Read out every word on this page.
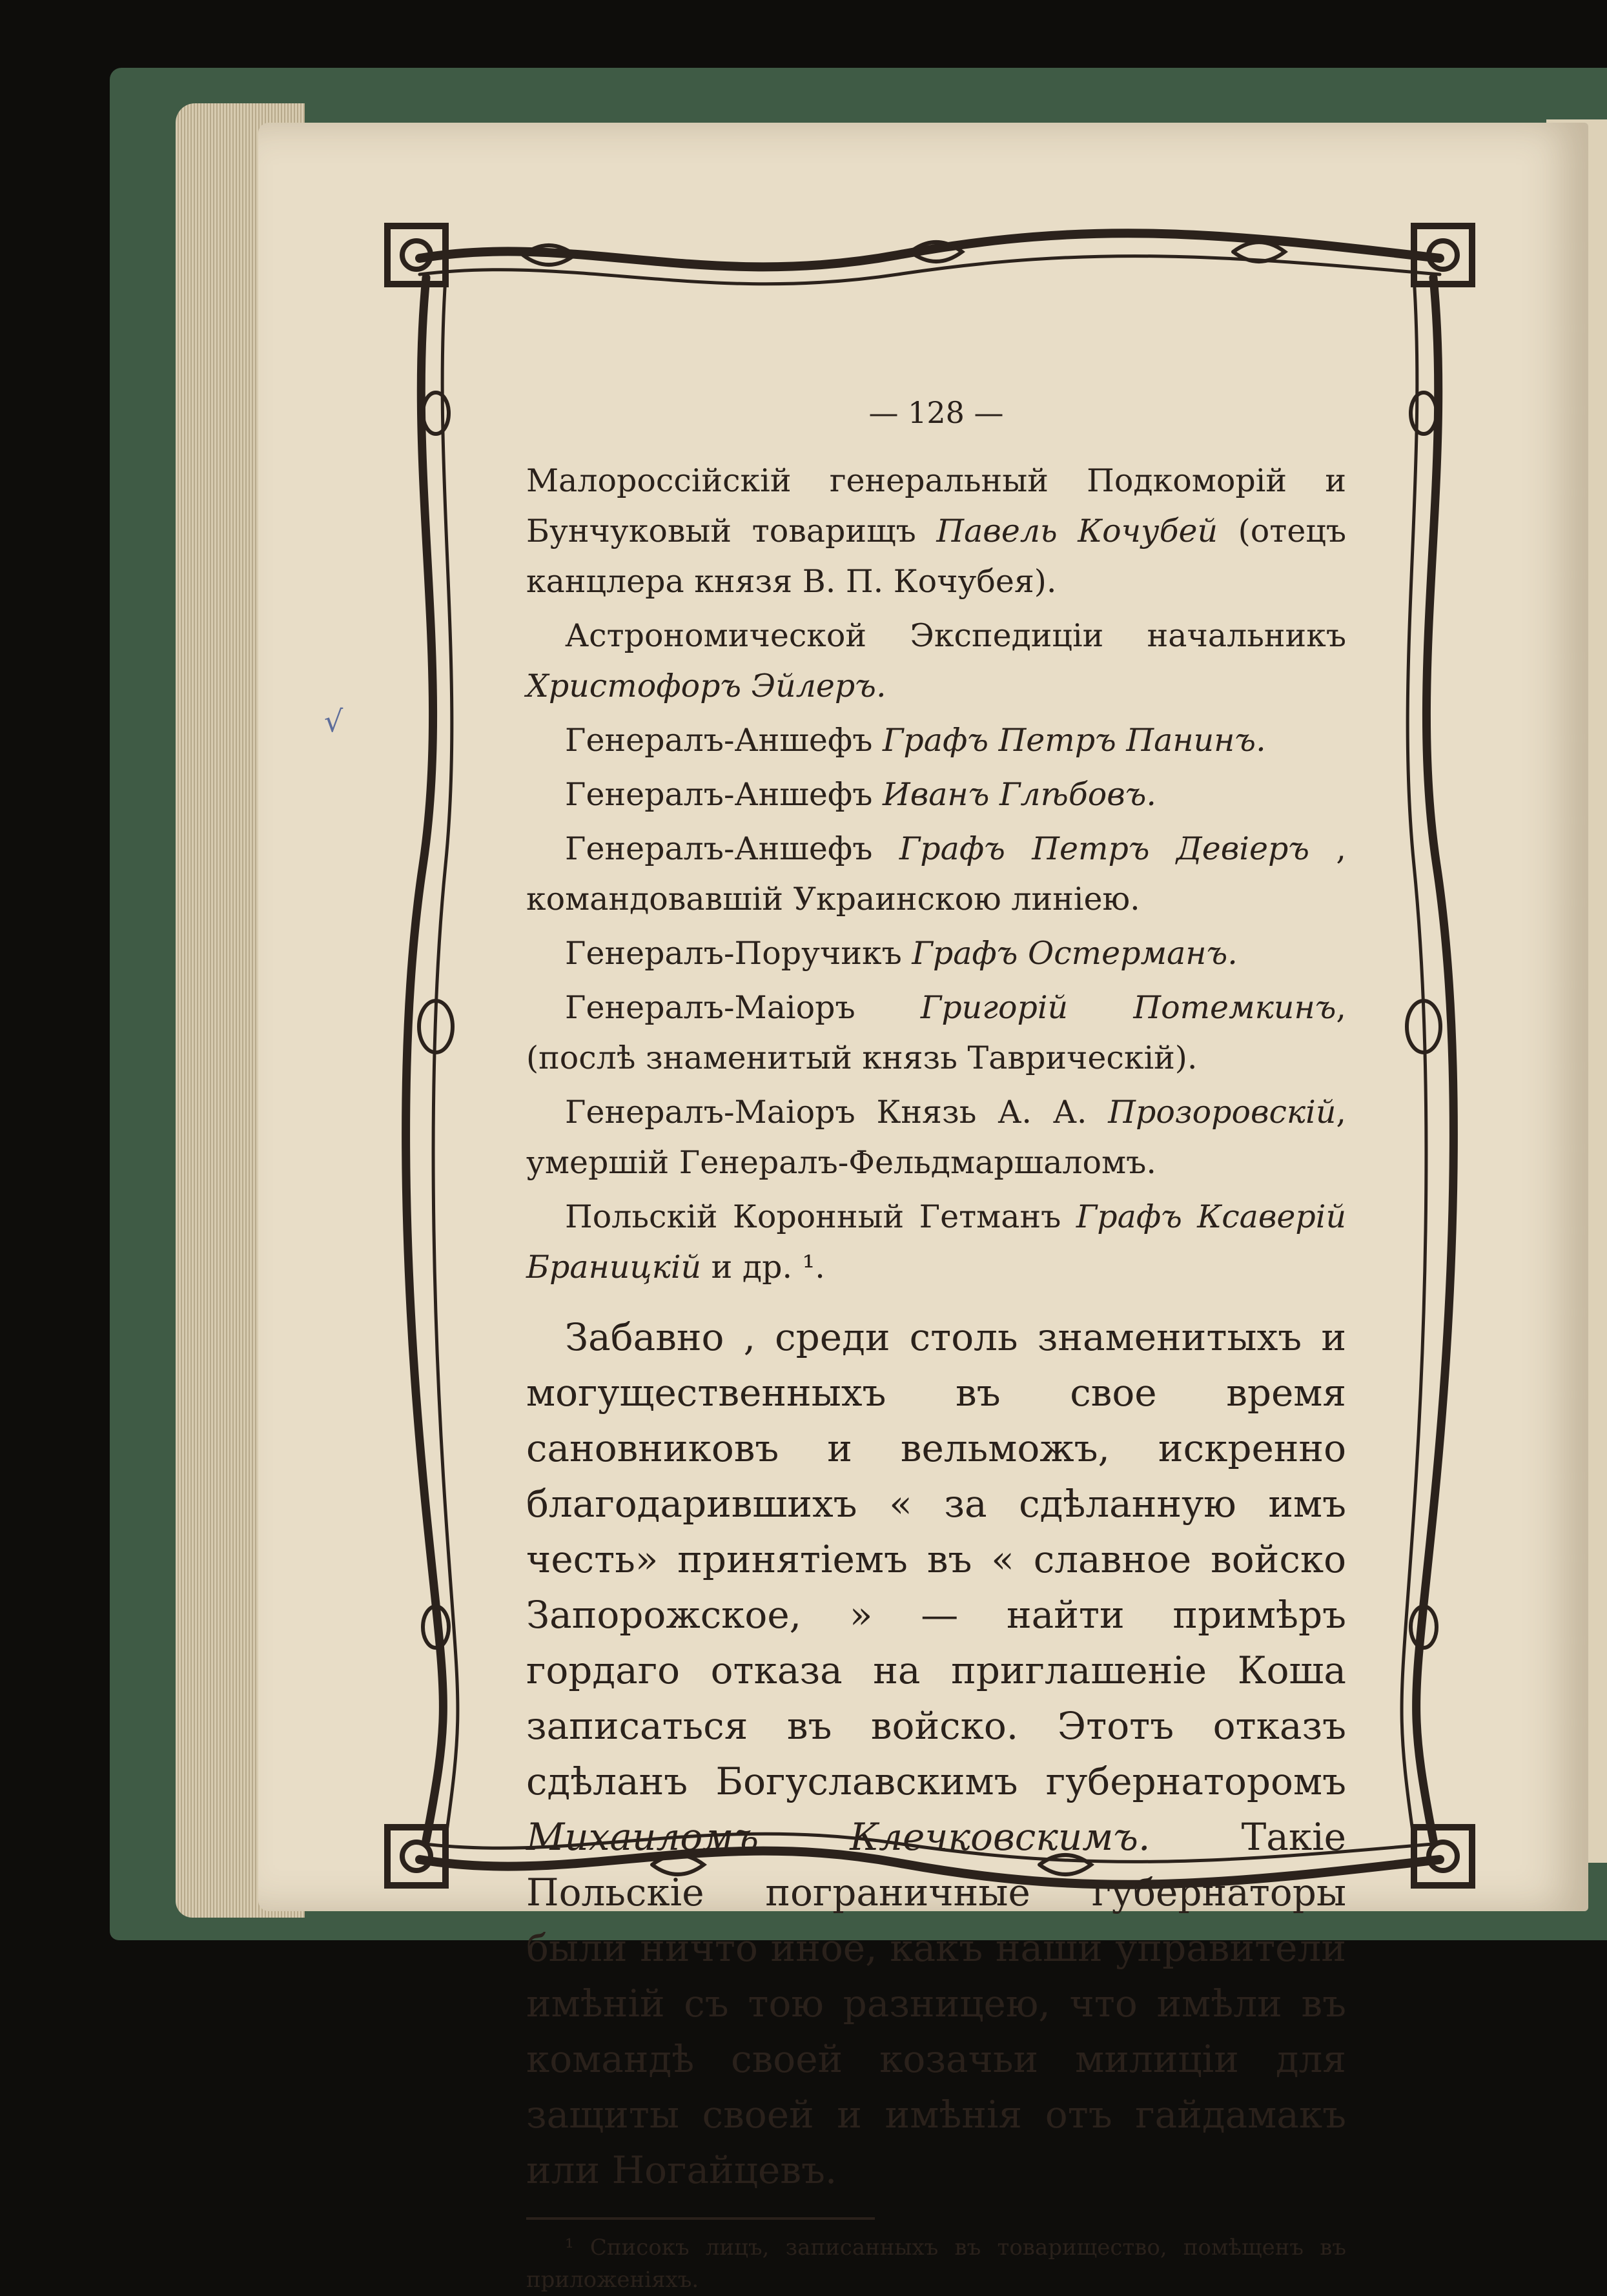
√
— 128 —

Малороссійскій генеральный Подкоморій и Бунчуковый товарищъ Павель Кочубей (отецъ канцлера князя В. П. Кочубея).

Астрономической Экспедиціи начальникъ Христофоръ Эйлеръ.

Генералъ-Аншефъ Графъ Петръ Панинъ.

Генералъ-Аншефъ Иванъ Глѣбовъ.

Генералъ-Аншефъ Графъ Петръ Девіеръ , командовавшій Украинскою линіею.

Генералъ-Поручикъ Графъ Остерманъ.

Генералъ-Маіоръ Григорій Потемкинъ, (послѣ знаменитый князь Таврическій).

Генералъ-Маіоръ Князь А. А. Прозоровскій, умершій Генералъ-Фельдмаршаломъ.

Польскій Коронный Гетманъ Графъ Ксаверій Браницкій и др. ¹.

Забавно , среди столь знаменитыхъ и могущественныхъ въ свое время сановниковъ и вельможъ, искренно благодарившихъ « за сдѣланную имъ честь» принятіемъ въ « славное войско Запорожское, » — найти примѣръ гордаго отказа на приглашеніе Коша записаться въ войско. Этотъ отказъ сдѣланъ Богуславскимъ губернаторомъ Михаиломъ Клечковскимъ. Такіе Польскіе пограничные губернаторы были ничто иное, какъ наши управители имѣній съ тою разницею, что имѣли въ командѣ своей козачьи милиціи для защиты своей и имѣнія отъ гайдамакъ или Ногайцевъ.
¹ Списокъ лицъ, записанныхъ въ товарищество, помѣщенъ въ приложеніяхъ.
